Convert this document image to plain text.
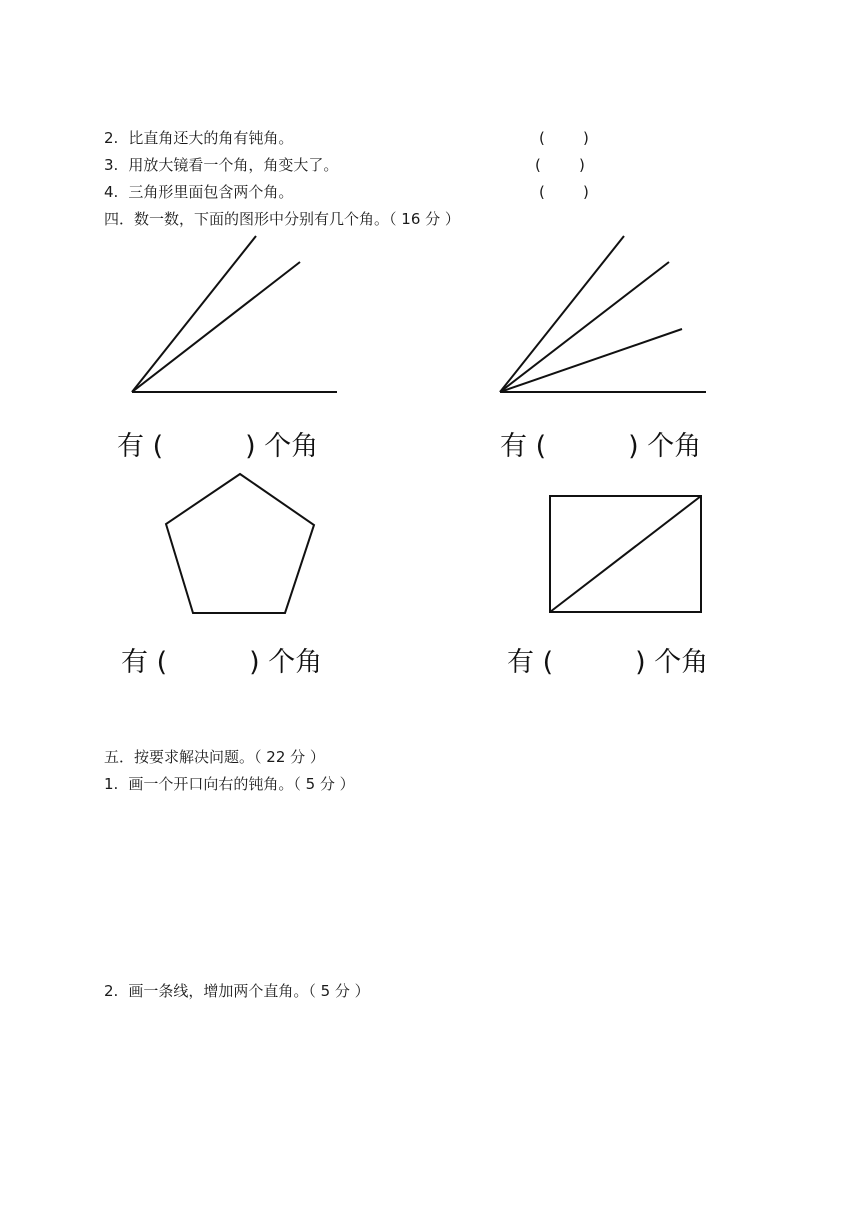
2. 比直角还大的角有钝角。	(        )
3. 用放大镜看一个角，角变大了。	(        )
4. 三角形里面包含两个角。	(        )
四．数一数，下面的图形中分别有几个角。（ 16 分 ）
有 (	) 个角	有 (	) 个角
有 (	) 个角	有 (	) 个角
五．按要求解决问题。（ 22 分 ）
1. 画一个开口向右的钝角。（ 5 分 ）
2. 画一条线，增加两个直角。（ 5 分 ）
